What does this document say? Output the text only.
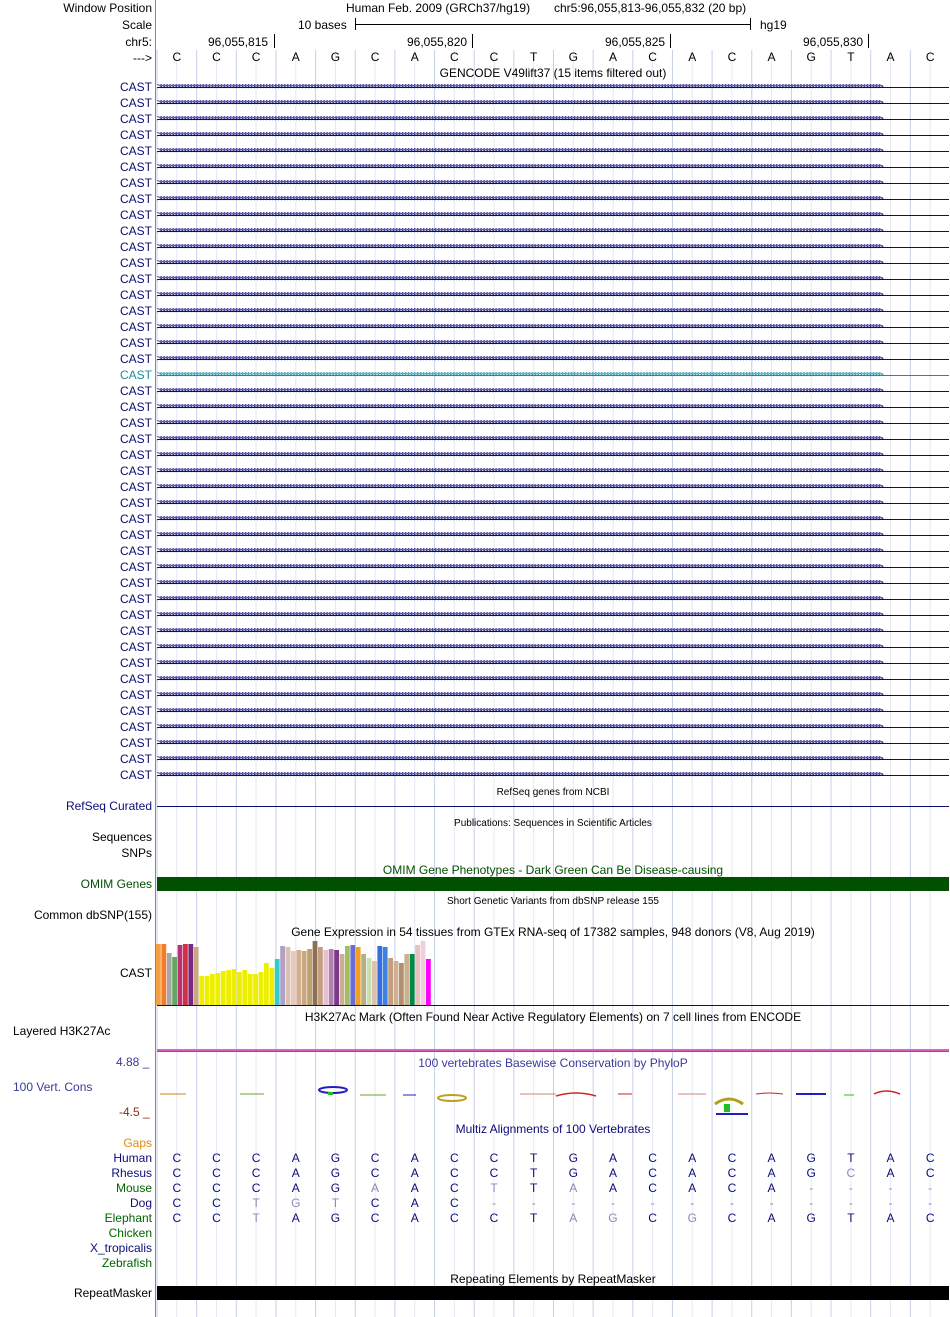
Window Position	Human Feb. 2009 (GRCh37/hg19) chr5:96,055,813-96,055,832 (20 bp)
Scale	10 bases	hg19
chr5:	96,055,815	96,055,820	96,055,825	96,055,830
--->	C	C	C	A	G	C	A	C	C	T	G	A	C	A	C	A	G	T	A	C
GENCODE V49lift37 (15 items filtered out)
>>>>>>>>>>>>>>>>>>>>>>>>>>>>>>>>>>>>>>>>>>>>>>>>>>>>>>>>>>>>>>>>>>>>>>>>>>>>>>>>>>>>>>>>>>>>>>>>>>>>>>>>>>>>>>>>>>>>>>>>>>>>>>>>>>>>>>>>>>>>>>>>>>>>>>>>>>>>>>>>>>>>>>>>>>>>>>>>>>>>>>>>>>>>>>>>>>>>>>>>>>>>>>>>>>>>>>>>>>>>>>>>>>>>>>>>>>>>>>>>
CAST
>>>>>>>>>>>>>>>>>>>>>>>>>>>>>>>>>>>>>>>>>>>>>>>>>>>>>>>>>>>>>>>>>>>>>>>>>>>>>>>>>>>>>>>>>>>>>>>>>>>>>>>>>>>>>>>>>>>>>>>>>>>>>>>>>>>>>>>>>>>>>>>>>>>>>>>>>>>>>>>>>>>>>>>>>>>>>>>>>>>>>>>>>>>>>>>>>>>>>>>>>>>>>>>>>>>>>>>>>>>>>>>>>>>>>>>>>>>>>>>>
CAST
>>>>>>>>>>>>>>>>>>>>>>>>>>>>>>>>>>>>>>>>>>>>>>>>>>>>>>>>>>>>>>>>>>>>>>>>>>>>>>>>>>>>>>>>>>>>>>>>>>>>>>>>>>>>>>>>>>>>>>>>>>>>>>>>>>>>>>>>>>>>>>>>>>>>>>>>>>>>>>>>>>>>>>>>>>>>>>>>>>>>>>>>>>>>>>>>>>>>>>>>>>>>>>>>>>>>>>>>>>>>>>>>>>>>>>>>>>>>>>>>
CAST
>>>>>>>>>>>>>>>>>>>>>>>>>>>>>>>>>>>>>>>>>>>>>>>>>>>>>>>>>>>>>>>>>>>>>>>>>>>>>>>>>>>>>>>>>>>>>>>>>>>>>>>>>>>>>>>>>>>>>>>>>>>>>>>>>>>>>>>>>>>>>>>>>>>>>>>>>>>>>>>>>>>>>>>>>>>>>>>>>>>>>>>>>>>>>>>>>>>>>>>>>>>>>>>>>>>>>>>>>>>>>>>>>>>>>>>>>>>>>>>>
CAST
>>>>>>>>>>>>>>>>>>>>>>>>>>>>>>>>>>>>>>>>>>>>>>>>>>>>>>>>>>>>>>>>>>>>>>>>>>>>>>>>>>>>>>>>>>>>>>>>>>>>>>>>>>>>>>>>>>>>>>>>>>>>>>>>>>>>>>>>>>>>>>>>>>>>>>>>>>>>>>>>>>>>>>>>>>>>>>>>>>>>>>>>>>>>>>>>>>>>>>>>>>>>>>>>>>>>>>>>>>>>>>>>>>>>>>>>>>>>>>>>
CAST
>>>>>>>>>>>>>>>>>>>>>>>>>>>>>>>>>>>>>>>>>>>>>>>>>>>>>>>>>>>>>>>>>>>>>>>>>>>>>>>>>>>>>>>>>>>>>>>>>>>>>>>>>>>>>>>>>>>>>>>>>>>>>>>>>>>>>>>>>>>>>>>>>>>>>>>>>>>>>>>>>>>>>>>>>>>>>>>>>>>>>>>>>>>>>>>>>>>>>>>>>>>>>>>>>>>>>>>>>>>>>>>>>>>>>>>>>>>>>>>>
CAST
>>>>>>>>>>>>>>>>>>>>>>>>>>>>>>>>>>>>>>>>>>>>>>>>>>>>>>>>>>>>>>>>>>>>>>>>>>>>>>>>>>>>>>>>>>>>>>>>>>>>>>>>>>>>>>>>>>>>>>>>>>>>>>>>>>>>>>>>>>>>>>>>>>>>>>>>>>>>>>>>>>>>>>>>>>>>>>>>>>>>>>>>>>>>>>>>>>>>>>>>>>>>>>>>>>>>>>>>>>>>>>>>>>>>>>>>>>>>>>>>
CAST
>>>>>>>>>>>>>>>>>>>>>>>>>>>>>>>>>>>>>>>>>>>>>>>>>>>>>>>>>>>>>>>>>>>>>>>>>>>>>>>>>>>>>>>>>>>>>>>>>>>>>>>>>>>>>>>>>>>>>>>>>>>>>>>>>>>>>>>>>>>>>>>>>>>>>>>>>>>>>>>>>>>>>>>>>>>>>>>>>>>>>>>>>>>>>>>>>>>>>>>>>>>>>>>>>>>>>>>>>>>>>>>>>>>>>>>>>>>>>>>>
CAST
>>>>>>>>>>>>>>>>>>>>>>>>>>>>>>>>>>>>>>>>>>>>>>>>>>>>>>>>>>>>>>>>>>>>>>>>>>>>>>>>>>>>>>>>>>>>>>>>>>>>>>>>>>>>>>>>>>>>>>>>>>>>>>>>>>>>>>>>>>>>>>>>>>>>>>>>>>>>>>>>>>>>>>>>>>>>>>>>>>>>>>>>>>>>>>>>>>>>>>>>>>>>>>>>>>>>>>>>>>>>>>>>>>>>>>>>>>>>>>>>
CAST
>>>>>>>>>>>>>>>>>>>>>>>>>>>>>>>>>>>>>>>>>>>>>>>>>>>>>>>>>>>>>>>>>>>>>>>>>>>>>>>>>>>>>>>>>>>>>>>>>>>>>>>>>>>>>>>>>>>>>>>>>>>>>>>>>>>>>>>>>>>>>>>>>>>>>>>>>>>>>>>>>>>>>>>>>>>>>>>>>>>>>>>>>>>>>>>>>>>>>>>>>>>>>>>>>>>>>>>>>>>>>>>>>>>>>>>>>>>>>>>>
CAST
>>>>>>>>>>>>>>>>>>>>>>>>>>>>>>>>>>>>>>>>>>>>>>>>>>>>>>>>>>>>>>>>>>>>>>>>>>>>>>>>>>>>>>>>>>>>>>>>>>>>>>>>>>>>>>>>>>>>>>>>>>>>>>>>>>>>>>>>>>>>>>>>>>>>>>>>>>>>>>>>>>>>>>>>>>>>>>>>>>>>>>>>>>>>>>>>>>>>>>>>>>>>>>>>>>>>>>>>>>>>>>>>>>>>>>>>>>>>>>>>
CAST
>>>>>>>>>>>>>>>>>>>>>>>>>>>>>>>>>>>>>>>>>>>>>>>>>>>>>>>>>>>>>>>>>>>>>>>>>>>>>>>>>>>>>>>>>>>>>>>>>>>>>>>>>>>>>>>>>>>>>>>>>>>>>>>>>>>>>>>>>>>>>>>>>>>>>>>>>>>>>>>>>>>>>>>>>>>>>>>>>>>>>>>>>>>>>>>>>>>>>>>>>>>>>>>>>>>>>>>>>>>>>>>>>>>>>>>>>>>>>>>>
CAST
>>>>>>>>>>>>>>>>>>>>>>>>>>>>>>>>>>>>>>>>>>>>>>>>>>>>>>>>>>>>>>>>>>>>>>>>>>>>>>>>>>>>>>>>>>>>>>>>>>>>>>>>>>>>>>>>>>>>>>>>>>>>>>>>>>>>>>>>>>>>>>>>>>>>>>>>>>>>>>>>>>>>>>>>>>>>>>>>>>>>>>>>>>>>>>>>>>>>>>>>>>>>>>>>>>>>>>>>>>>>>>>>>>>>>>>>>>>>>>>>
CAST
>>>>>>>>>>>>>>>>>>>>>>>>>>>>>>>>>>>>>>>>>>>>>>>>>>>>>>>>>>>>>>>>>>>>>>>>>>>>>>>>>>>>>>>>>>>>>>>>>>>>>>>>>>>>>>>>>>>>>>>>>>>>>>>>>>>>>>>>>>>>>>>>>>>>>>>>>>>>>>>>>>>>>>>>>>>>>>>>>>>>>>>>>>>>>>>>>>>>>>>>>>>>>>>>>>>>>>>>>>>>>>>>>>>>>>>>>>>>>>>>
CAST
>>>>>>>>>>>>>>>>>>>>>>>>>>>>>>>>>>>>>>>>>>>>>>>>>>>>>>>>>>>>>>>>>>>>>>>>>>>>>>>>>>>>>>>>>>>>>>>>>>>>>>>>>>>>>>>>>>>>>>>>>>>>>>>>>>>>>>>>>>>>>>>>>>>>>>>>>>>>>>>>>>>>>>>>>>>>>>>>>>>>>>>>>>>>>>>>>>>>>>>>>>>>>>>>>>>>>>>>>>>>>>>>>>>>>>>>>>>>>>>>
CAST
>>>>>>>>>>>>>>>>>>>>>>>>>>>>>>>>>>>>>>>>>>>>>>>>>>>>>>>>>>>>>>>>>>>>>>>>>>>>>>>>>>>>>>>>>>>>>>>>>>>>>>>>>>>>>>>>>>>>>>>>>>>>>>>>>>>>>>>>>>>>>>>>>>>>>>>>>>>>>>>>>>>>>>>>>>>>>>>>>>>>>>>>>>>>>>>>>>>>>>>>>>>>>>>>>>>>>>>>>>>>>>>>>>>>>>>>>>>>>>>>
CAST
>>>>>>>>>>>>>>>>>>>>>>>>>>>>>>>>>>>>>>>>>>>>>>>>>>>>>>>>>>>>>>>>>>>>>>>>>>>>>>>>>>>>>>>>>>>>>>>>>>>>>>>>>>>>>>>>>>>>>>>>>>>>>>>>>>>>>>>>>>>>>>>>>>>>>>>>>>>>>>>>>>>>>>>>>>>>>>>>>>>>>>>>>>>>>>>>>>>>>>>>>>>>>>>>>>>>>>>>>>>>>>>>>>>>>>>>>>>>>>>>
CAST
>>>>>>>>>>>>>>>>>>>>>>>>>>>>>>>>>>>>>>>>>>>>>>>>>>>>>>>>>>>>>>>>>>>>>>>>>>>>>>>>>>>>>>>>>>>>>>>>>>>>>>>>>>>>>>>>>>>>>>>>>>>>>>>>>>>>>>>>>>>>>>>>>>>>>>>>>>>>>>>>>>>>>>>>>>>>>>>>>>>>>>>>>>>>>>>>>>>>>>>>>>>>>>>>>>>>>>>>>>>>>>>>>>>>>>>>>>>>>>>>
CAST
>>>>>>>>>>>>>>>>>>>>>>>>>>>>>>>>>>>>>>>>>>>>>>>>>>>>>>>>>>>>>>>>>>>>>>>>>>>>>>>>>>>>>>>>>>>>>>>>>>>>>>>>>>>>>>>>>>>>>>>>>>>>>>>>>>>>>>>>>>>>>>>>>>>>>>>>>>>>>>>>>>>>>>>>>>>>>>>>>>>>>>>>>>>>>>>>>>>>>>>>>>>>>>>>>>>>>>>>>>>>>>>>>>>>>>>>>>>>>>>>
CAST
>>>>>>>>>>>>>>>>>>>>>>>>>>>>>>>>>>>>>>>>>>>>>>>>>>>>>>>>>>>>>>>>>>>>>>>>>>>>>>>>>>>>>>>>>>>>>>>>>>>>>>>>>>>>>>>>>>>>>>>>>>>>>>>>>>>>>>>>>>>>>>>>>>>>>>>>>>>>>>>>>>>>>>>>>>>>>>>>>>>>>>>>>>>>>>>>>>>>>>>>>>>>>>>>>>>>>>>>>>>>>>>>>>>>>>>>>>>>>>>>
CAST
>>>>>>>>>>>>>>>>>>>>>>>>>>>>>>>>>>>>>>>>>>>>>>>>>>>>>>>>>>>>>>>>>>>>>>>>>>>>>>>>>>>>>>>>>>>>>>>>>>>>>>>>>>>>>>>>>>>>>>>>>>>>>>>>>>>>>>>>>>>>>>>>>>>>>>>>>>>>>>>>>>>>>>>>>>>>>>>>>>>>>>>>>>>>>>>>>>>>>>>>>>>>>>>>>>>>>>>>>>>>>>>>>>>>>>>>>>>>>>>>
CAST
>>>>>>>>>>>>>>>>>>>>>>>>>>>>>>>>>>>>>>>>>>>>>>>>>>>>>>>>>>>>>>>>>>>>>>>>>>>>>>>>>>>>>>>>>>>>>>>>>>>>>>>>>>>>>>>>>>>>>>>>>>>>>>>>>>>>>>>>>>>>>>>>>>>>>>>>>>>>>>>>>>>>>>>>>>>>>>>>>>>>>>>>>>>>>>>>>>>>>>>>>>>>>>>>>>>>>>>>>>>>>>>>>>>>>>>>>>>>>>>>
CAST
>>>>>>>>>>>>>>>>>>>>>>>>>>>>>>>>>>>>>>>>>>>>>>>>>>>>>>>>>>>>>>>>>>>>>>>>>>>>>>>>>>>>>>>>>>>>>>>>>>>>>>>>>>>>>>>>>>>>>>>>>>>>>>>>>>>>>>>>>>>>>>>>>>>>>>>>>>>>>>>>>>>>>>>>>>>>>>>>>>>>>>>>>>>>>>>>>>>>>>>>>>>>>>>>>>>>>>>>>>>>>>>>>>>>>>>>>>>>>>>>
CAST
>>>>>>>>>>>>>>>>>>>>>>>>>>>>>>>>>>>>>>>>>>>>>>>>>>>>>>>>>>>>>>>>>>>>>>>>>>>>>>>>>>>>>>>>>>>>>>>>>>>>>>>>>>>>>>>>>>>>>>>>>>>>>>>>>>>>>>>>>>>>>>>>>>>>>>>>>>>>>>>>>>>>>>>>>>>>>>>>>>>>>>>>>>>>>>>>>>>>>>>>>>>>>>>>>>>>>>>>>>>>>>>>>>>>>>>>>>>>>>>>
CAST
>>>>>>>>>>>>>>>>>>>>>>>>>>>>>>>>>>>>>>>>>>>>>>>>>>>>>>>>>>>>>>>>>>>>>>>>>>>>>>>>>>>>>>>>>>>>>>>>>>>>>>>>>>>>>>>>>>>>>>>>>>>>>>>>>>>>>>>>>>>>>>>>>>>>>>>>>>>>>>>>>>>>>>>>>>>>>>>>>>>>>>>>>>>>>>>>>>>>>>>>>>>>>>>>>>>>>>>>>>>>>>>>>>>>>>>>>>>>>>>>
CAST
>>>>>>>>>>>>>>>>>>>>>>>>>>>>>>>>>>>>>>>>>>>>>>>>>>>>>>>>>>>>>>>>>>>>>>>>>>>>>>>>>>>>>>>>>>>>>>>>>>>>>>>>>>>>>>>>>>>>>>>>>>>>>>>>>>>>>>>>>>>>>>>>>>>>>>>>>>>>>>>>>>>>>>>>>>>>>>>>>>>>>>>>>>>>>>>>>>>>>>>>>>>>>>>>>>>>>>>>>>>>>>>>>>>>>>>>>>>>>>>>
CAST
>>>>>>>>>>>>>>>>>>>>>>>>>>>>>>>>>>>>>>>>>>>>>>>>>>>>>>>>>>>>>>>>>>>>>>>>>>>>>>>>>>>>>>>>>>>>>>>>>>>>>>>>>>>>>>>>>>>>>>>>>>>>>>>>>>>>>>>>>>>>>>>>>>>>>>>>>>>>>>>>>>>>>>>>>>>>>>>>>>>>>>>>>>>>>>>>>>>>>>>>>>>>>>>>>>>>>>>>>>>>>>>>>>>>>>>>>>>>>>>>
CAST
>>>>>>>>>>>>>>>>>>>>>>>>>>>>>>>>>>>>>>>>>>>>>>>>>>>>>>>>>>>>>>>>>>>>>>>>>>>>>>>>>>>>>>>>>>>>>>>>>>>>>>>>>>>>>>>>>>>>>>>>>>>>>>>>>>>>>>>>>>>>>>>>>>>>>>>>>>>>>>>>>>>>>>>>>>>>>>>>>>>>>>>>>>>>>>>>>>>>>>>>>>>>>>>>>>>>>>>>>>>>>>>>>>>>>>>>>>>>>>>>
CAST
>>>>>>>>>>>>>>>>>>>>>>>>>>>>>>>>>>>>>>>>>>>>>>>>>>>>>>>>>>>>>>>>>>>>>>>>>>>>>>>>>>>>>>>>>>>>>>>>>>>>>>>>>>>>>>>>>>>>>>>>>>>>>>>>>>>>>>>>>>>>>>>>>>>>>>>>>>>>>>>>>>>>>>>>>>>>>>>>>>>>>>>>>>>>>>>>>>>>>>>>>>>>>>>>>>>>>>>>>>>>>>>>>>>>>>>>>>>>>>>>
CAST
>>>>>>>>>>>>>>>>>>>>>>>>>>>>>>>>>>>>>>>>>>>>>>>>>>>>>>>>>>>>>>>>>>>>>>>>>>>>>>>>>>>>>>>>>>>>>>>>>>>>>>>>>>>>>>>>>>>>>>>>>>>>>>>>>>>>>>>>>>>>>>>>>>>>>>>>>>>>>>>>>>>>>>>>>>>>>>>>>>>>>>>>>>>>>>>>>>>>>>>>>>>>>>>>>>>>>>>>>>>>>>>>>>>>>>>>>>>>>>>>
CAST
>>>>>>>>>>>>>>>>>>>>>>>>>>>>>>>>>>>>>>>>>>>>>>>>>>>>>>>>>>>>>>>>>>>>>>>>>>>>>>>>>>>>>>>>>>>>>>>>>>>>>>>>>>>>>>>>>>>>>>>>>>>>>>>>>>>>>>>>>>>>>>>>>>>>>>>>>>>>>>>>>>>>>>>>>>>>>>>>>>>>>>>>>>>>>>>>>>>>>>>>>>>>>>>>>>>>>>>>>>>>>>>>>>>>>>>>>>>>>>>>
CAST
>>>>>>>>>>>>>>>>>>>>>>>>>>>>>>>>>>>>>>>>>>>>>>>>>>>>>>>>>>>>>>>>>>>>>>>>>>>>>>>>>>>>>>>>>>>>>>>>>>>>>>>>>>>>>>>>>>>>>>>>>>>>>>>>>>>>>>>>>>>>>>>>>>>>>>>>>>>>>>>>>>>>>>>>>>>>>>>>>>>>>>>>>>>>>>>>>>>>>>>>>>>>>>>>>>>>>>>>>>>>>>>>>>>>>>>>>>>>>>>>
CAST
>>>>>>>>>>>>>>>>>>>>>>>>>>>>>>>>>>>>>>>>>>>>>>>>>>>>>>>>>>>>>>>>>>>>>>>>>>>>>>>>>>>>>>>>>>>>>>>>>>>>>>>>>>>>>>>>>>>>>>>>>>>>>>>>>>>>>>>>>>>>>>>>>>>>>>>>>>>>>>>>>>>>>>>>>>>>>>>>>>>>>>>>>>>>>>>>>>>>>>>>>>>>>>>>>>>>>>>>>>>>>>>>>>>>>>>>>>>>>>>>
CAST
>>>>>>>>>>>>>>>>>>>>>>>>>>>>>>>>>>>>>>>>>>>>>>>>>>>>>>>>>>>>>>>>>>>>>>>>>>>>>>>>>>>>>>>>>>>>>>>>>>>>>>>>>>>>>>>>>>>>>>>>>>>>>>>>>>>>>>>>>>>>>>>>>>>>>>>>>>>>>>>>>>>>>>>>>>>>>>>>>>>>>>>>>>>>>>>>>>>>>>>>>>>>>>>>>>>>>>>>>>>>>>>>>>>>>>>>>>>>>>>>
CAST
>>>>>>>>>>>>>>>>>>>>>>>>>>>>>>>>>>>>>>>>>>>>>>>>>>>>>>>>>>>>>>>>>>>>>>>>>>>>>>>>>>>>>>>>>>>>>>>>>>>>>>>>>>>>>>>>>>>>>>>>>>>>>>>>>>>>>>>>>>>>>>>>>>>>>>>>>>>>>>>>>>>>>>>>>>>>>>>>>>>>>>>>>>>>>>>>>>>>>>>>>>>>>>>>>>>>>>>>>>>>>>>>>>>>>>>>>>>>>>>>
CAST
>>>>>>>>>>>>>>>>>>>>>>>>>>>>>>>>>>>>>>>>>>>>>>>>>>>>>>>>>>>>>>>>>>>>>>>>>>>>>>>>>>>>>>>>>>>>>>>>>>>>>>>>>>>>>>>>>>>>>>>>>>>>>>>>>>>>>>>>>>>>>>>>>>>>>>>>>>>>>>>>>>>>>>>>>>>>>>>>>>>>>>>>>>>>>>>>>>>>>>>>>>>>>>>>>>>>>>>>>>>>>>>>>>>>>>>>>>>>>>>>
CAST
>>>>>>>>>>>>>>>>>>>>>>>>>>>>>>>>>>>>>>>>>>>>>>>>>>>>>>>>>>>>>>>>>>>>>>>>>>>>>>>>>>>>>>>>>>>>>>>>>>>>>>>>>>>>>>>>>>>>>>>>>>>>>>>>>>>>>>>>>>>>>>>>>>>>>>>>>>>>>>>>>>>>>>>>>>>>>>>>>>>>>>>>>>>>>>>>>>>>>>>>>>>>>>>>>>>>>>>>>>>>>>>>>>>>>>>>>>>>>>>>
CAST
>>>>>>>>>>>>>>>>>>>>>>>>>>>>>>>>>>>>>>>>>>>>>>>>>>>>>>>>>>>>>>>>>>>>>>>>>>>>>>>>>>>>>>>>>>>>>>>>>>>>>>>>>>>>>>>>>>>>>>>>>>>>>>>>>>>>>>>>>>>>>>>>>>>>>>>>>>>>>>>>>>>>>>>>>>>>>>>>>>>>>>>>>>>>>>>>>>>>>>>>>>>>>>>>>>>>>>>>>>>>>>>>>>>>>>>>>>>>>>>>
CAST
>>>>>>>>>>>>>>>>>>>>>>>>>>>>>>>>>>>>>>>>>>>>>>>>>>>>>>>>>>>>>>>>>>>>>>>>>>>>>>>>>>>>>>>>>>>>>>>>>>>>>>>>>>>>>>>>>>>>>>>>>>>>>>>>>>>>>>>>>>>>>>>>>>>>>>>>>>>>>>>>>>>>>>>>>>>>>>>>>>>>>>>>>>>>>>>>>>>>>>>>>>>>>>>>>>>>>>>>>>>>>>>>>>>>>>>>>>>>>>>>
CAST
>>>>>>>>>>>>>>>>>>>>>>>>>>>>>>>>>>>>>>>>>>>>>>>>>>>>>>>>>>>>>>>>>>>>>>>>>>>>>>>>>>>>>>>>>>>>>>>>>>>>>>>>>>>>>>>>>>>>>>>>>>>>>>>>>>>>>>>>>>>>>>>>>>>>>>>>>>>>>>>>>>>>>>>>>>>>>>>>>>>>>>>>>>>>>>>>>>>>>>>>>>>>>>>>>>>>>>>>>>>>>>>>>>>>>>>>>>>>>>>>
CAST
>>>>>>>>>>>>>>>>>>>>>>>>>>>>>>>>>>>>>>>>>>>>>>>>>>>>>>>>>>>>>>>>>>>>>>>>>>>>>>>>>>>>>>>>>>>>>>>>>>>>>>>>>>>>>>>>>>>>>>>>>>>>>>>>>>>>>>>>>>>>>>>>>>>>>>>>>>>>>>>>>>>>>>>>>>>>>>>>>>>>>>>>>>>>>>>>>>>>>>>>>>>>>>>>>>>>>>>>>>>>>>>>>>>>>>>>>>>>>>>>
CAST
>>>>>>>>>>>>>>>>>>>>>>>>>>>>>>>>>>>>>>>>>>>>>>>>>>>>>>>>>>>>>>>>>>>>>>>>>>>>>>>>>>>>>>>>>>>>>>>>>>>>>>>>>>>>>>>>>>>>>>>>>>>>>>>>>>>>>>>>>>>>>>>>>>>>>>>>>>>>>>>>>>>>>>>>>>>>>>>>>>>>>>>>>>>>>>>>>>>>>>>>>>>>>>>>>>>>>>>>>>>>>>>>>>>>>>>>>>>>>>>>
CAST
>>>>>>>>>>>>>>>>>>>>>>>>>>>>>>>>>>>>>>>>>>>>>>>>>>>>>>>>>>>>>>>>>>>>>>>>>>>>>>>>>>>>>>>>>>>>>>>>>>>>>>>>>>>>>>>>>>>>>>>>>>>>>>>>>>>>>>>>>>>>>>>>>>>>>>>>>>>>>>>>>>>>>>>>>>>>>>>>>>>>>>>>>>>>>>>>>>>>>>>>>>>>>>>>>>>>>>>>>>>>>>>>>>>>>>>>>>>>>>>>
CAST
>>>>>>>>>>>>>>>>>>>>>>>>>>>>>>>>>>>>>>>>>>>>>>>>>>>>>>>>>>>>>>>>>>>>>>>>>>>>>>>>>>>>>>>>>>>>>>>>>>>>>>>>>>>>>>>>>>>>>>>>>>>>>>>>>>>>>>>>>>>>>>>>>>>>>>>>>>>>>>>>>>>>>>>>>>>>>>>>>>>>>>>>>>>>>>>>>>>>>>>>>>>>>>>>>>>>>>>>>>>>>>>>>>>>>>>>>>>>>>>>
CAST
RefSeq genes from NCBI
RefSeq Curated
Publications: Sequences in Scientific Articles
Sequences
SNPs
OMIM Gene Phenotypes - Dark Green Can Be Disease-causing
OMIM Genes
Short Genetic Variants from dbSNP release 155
Common dbSNP(155)
Gene Expression in 54 tissues from GTEx RNA-seq of 17382 samples, 948 donors (V8, Aug 2019)
CAST
H3K27Ac Mark (Often Found Near Active Regulatory Elements) on 7 cell lines from ENCODE
Layered H3K27Ac
100 vertebrates Basewise Conservation by PhyloP
4.88 _
100 Vert. Cons
-4.5 _
Multiz Alignments of 100 Vertebrates
Gaps
Human C	C	C	A	G	C	A	C	C	T	G	A	C	A	C	A	G	T	A	C
Rhesus C	C	C	A	G	C	A	C	C	T	G	A	C	A	C	A	G	C	A	C
Mouse C	C	C	A	G	A	A	C	T	T	A	A	C	A	C	A	-	-	-	-
Dog C	C	T	G	T	C	A	C	-	-	-	-	-	-	-	-	-	-	-	-
Elephant C	C	T	A	G	C	A	C	C	T	A	G	C	G	C	A	G	T	A	C
Chicken
X_tropicalis
Zebrafish
Repeating Elements by RepeatMasker
RepeatMasker
